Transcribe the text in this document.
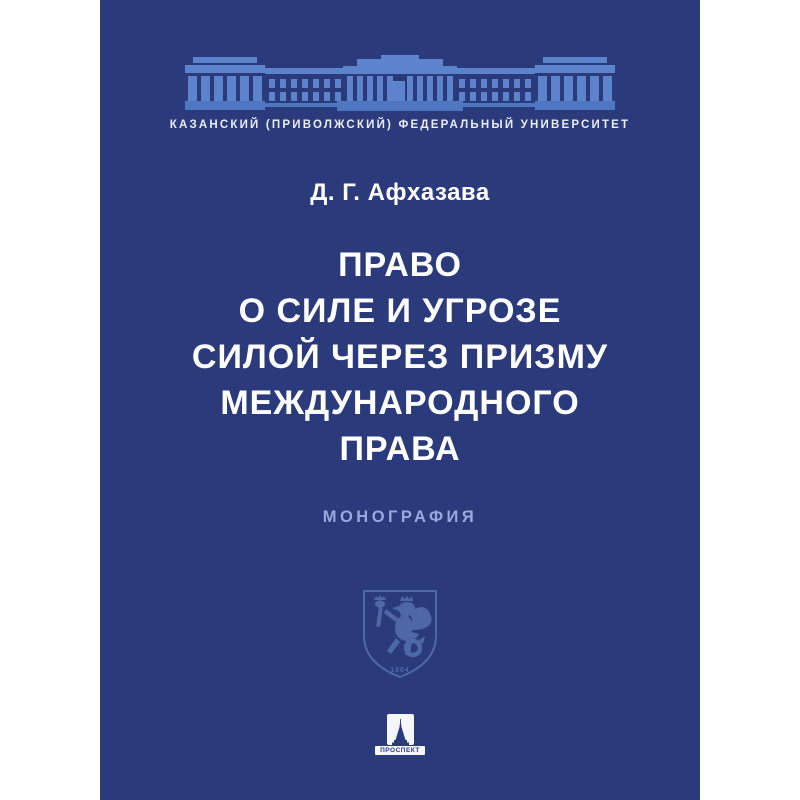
КАЗАНСКИЙ (ПРИВОЛЖСКИЙ) ФЕДЕРАЛЬНЫЙ УНИВЕРСИТЕТ
Д. Г. Афхазава
ПРАВО
О СИЛЕ И УГРОЗЕ
СИЛОЙ ЧЕРЕЗ ПРИЗМУ
МЕЖДУНАРОДНОГО
ПРАВА
МОНОГРАФИЯ
1804
ПРОСПЕКТ
